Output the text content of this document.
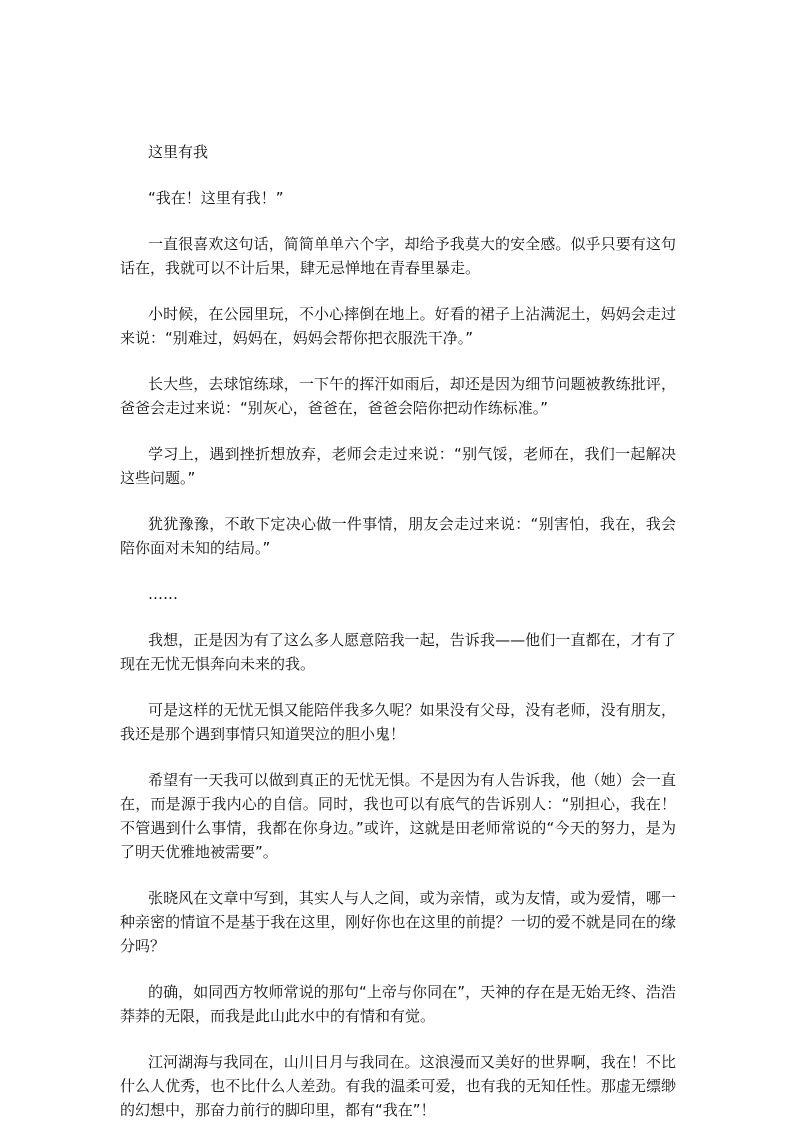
这里有我

“我在！这里有我！”

一直很喜欢这句话，简简单单六个字，却给予我莫大的安全感。似乎只要有这句话在，我就可以不计后果，肆无忌惮地在青春里暴走。

小时候，在公园里玩，不小心摔倒在地上。好看的裙子上沾满泥土，妈妈会走过来说：“别难过，妈妈在，妈妈会帮你把衣服洗干净。”

长大些，去球馆练球，一下午的挥汗如雨后，却还是因为细节问题被教练批评，爸爸会走过来说：“别灰心，爸爸在，爸爸会陪你把动作练标准。”

学习上，遇到挫折想放弃，老师会走过来说：“别气馁，老师在，我们一起解决这些问题。”

犹犹豫豫，不敢下定决心做一件事情，朋友会走过来说：“别害怕，我在，我会陪你面对未知的结局。”

……

我想，正是因为有了这么多人愿意陪我一起，告诉我——他们一直都在，才有了现在无忧无惧奔向未来的我。

可是这样的无忧无惧又能陪伴我多久呢？如果没有父母，没有老师，没有朋友，我还是那个遇到事情只知道哭泣的胆小鬼！

希望有一天我可以做到真正的无忧无惧。不是因为有人告诉我，他（她）会一直在，而是源于我内心的自信。同时，我也可以有底气的告诉别人：“别担心，我在！不管遇到什么事情，我都在你身边。”或许，这就是田老师常说的“今天的努力，是为了明天优雅地被需要”。

张晓风在文章中写到，其实人与人之间，或为亲情，或为友情，或为爱情，哪一种亲密的情谊不是基于我在这里，刚好你也在这里的前提？一切的爱不就是同在的缘分吗？

的确，如同西方牧师常说的那句“上帝与你同在”，天神的存在是无始无终、浩浩莽莽的无限，而我是此山此水中的有情和有觉。

江河湖海与我同在，山川日月与我同在。这浪漫而又美好的世界啊，我在！不比什么人优秀，也不比什么人差劲。有我的温柔可爱，也有我的无知任性。那虚无缥缈的幻想中，那奋力前行的脚印里，都有“我在”！
